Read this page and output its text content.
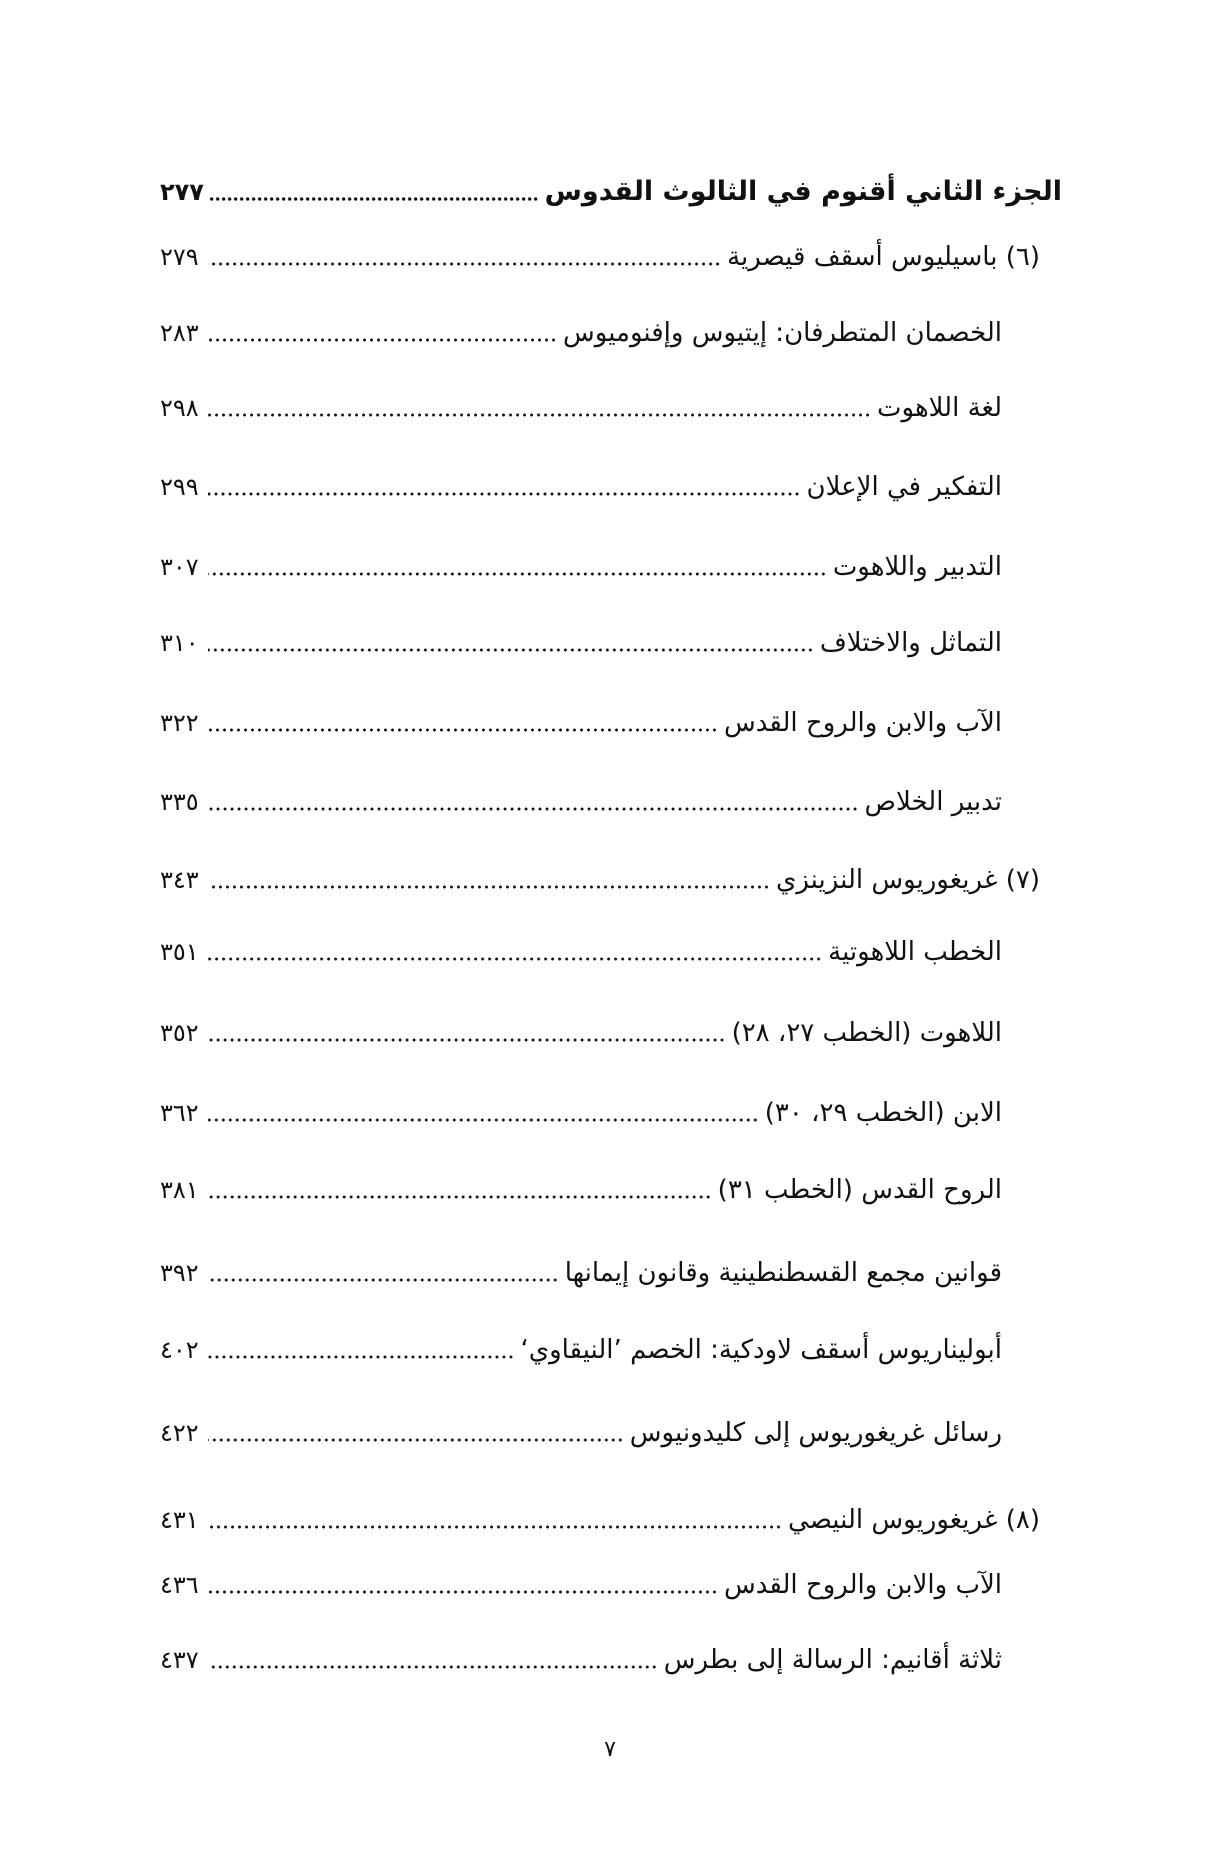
الجزء الثاني أقنوم في الثالوث القدوس
٢٧٧
(٦) باسيليوس أسقف قيصرية
٢٧٩
الخصمان المتطرفان: إيتيوس وإفنوميوس
٢٨٣
لغة اللاهوت
٢٩٨
التفكير في الإعلان
٢٩٩
التدبير واللاهوت
٣٠٧
التماثل والاختلاف
٣١٠
الآب والابن والروح القدس
٣٢٢
تدبير الخلاص
٣٣٥
(٧) غريغوريوس النزينزي
٣٤٣
الخطب اللاهوتية
٣٥١
اللاهوت (الخطب ٢٧، ٢٨)
٣٥٢
الابن (الخطب ٢٩، ٣٠)
٣٦٢
الروح القدس (الخطب ٣١)
٣٨١
قوانين مجمع القسطنطينية وقانون إيمانها
٣٩٢
أبوليناريوس أسقف لاودكية: الخصم ’النيقاوي‘
٤٠٢
رسائل غريغوريوس إلى كليدونيوس
٤٢٢
(٨) غريغوريوس النيصي
٤٣١
الآب والابن والروح القدس
٤٣٦
ثلاثة أقانيم: الرسالة إلى بطرس
٤٣٧
٧
